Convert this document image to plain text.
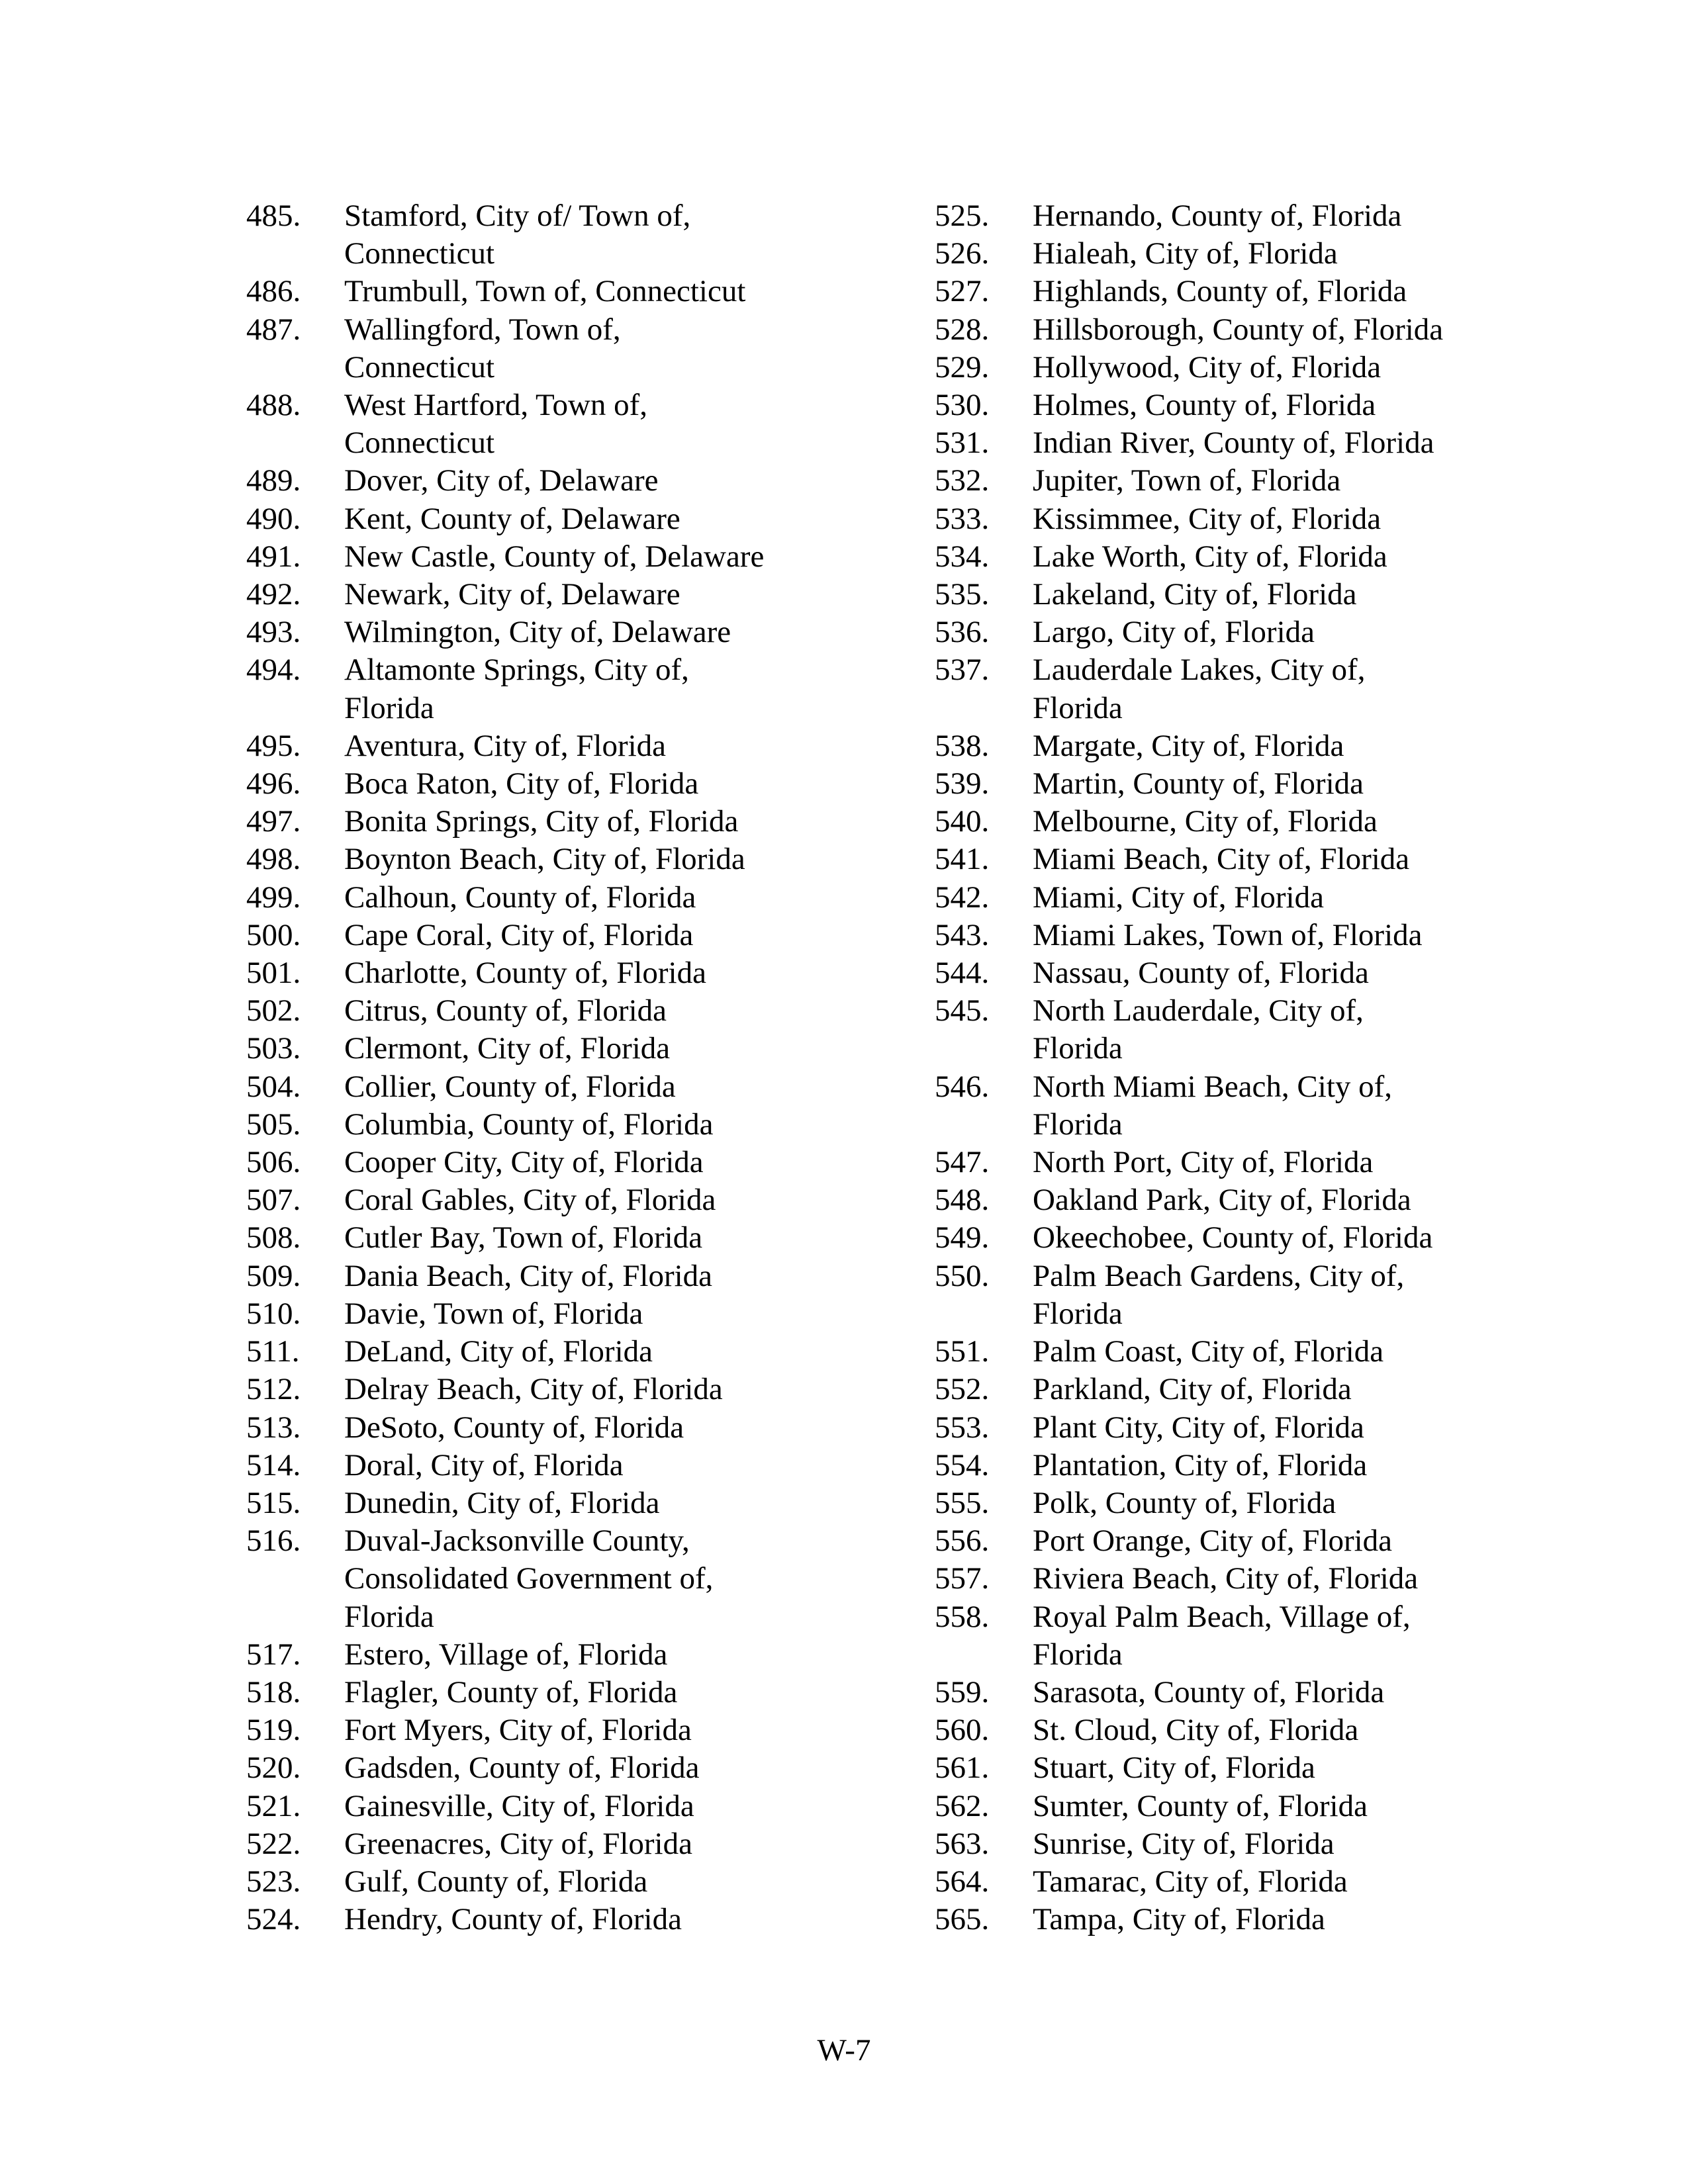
485.	Stamford, City of/ Town of,
Connecticut
486.	Trumbull, Town of, Connecticut
487.	Wallingford, Town of,
Connecticut
488.	West Hartford, Town of,
Connecticut
489.	Dover, City of, Delaware
490.	Kent, County of, Delaware
491.	New Castle, County of, Delaware
492.	Newark, City of, Delaware
493.	Wilmington, City of, Delaware
494.	Altamonte Springs, City of,
Florida
495.	Aventura, City of, Florida
496.	Boca Raton, City of, Florida
497.	Bonita Springs, City of, Florida
498.	Boynton Beach, City of, Florida
499.	Calhoun, County of, Florida
500.	Cape Coral, City of, Florida
501.	Charlotte, County of, Florida
502.	Citrus, County of, Florida
503.	Clermont, City of, Florida
504.	Collier, County of, Florida
505.	Columbia, County of, Florida
506.	Cooper City, City of, Florida
507.	Coral Gables, City of, Florida
508.	Cutler Bay, Town of, Florida
509.	Dania Beach, City of, Florida
510.	Davie, Town of, Florida
511.	DeLand, City of, Florida
512.	Delray Beach, City of, Florida
513.	DeSoto, County of, Florida
514.	Doral, City of, Florida
515.	Dunedin, City of, Florida
516.	Duval-Jacksonville County,
Consolidated Government of,
Florida
517.	Estero, Village of, Florida
518.	Flagler, County of, Florida
519.	Fort Myers, City of, Florida
520.	Gadsden, County of, Florida
521.	Gainesville, City of, Florida
522.	Greenacres, City of, Florida
523.	Gulf, County of, Florida
524.	Hendry, County of, Florida
525.	Hernando, County of, Florida
526.	Hialeah, City of, Florida
527.	Highlands, County of, Florida
528.	Hillsborough, County of, Florida
529.	Hollywood, City of, Florida
530.	Holmes, County of, Florida
531.	Indian River, County of, Florida
532.	Jupiter, Town of, Florida
533.	Kissimmee, City of, Florida
534.	Lake Worth, City of, Florida
535.	Lakeland, City of, Florida
536.	Largo, City of, Florida
537.	Lauderdale Lakes, City of,
Florida
538.	Margate, City of, Florida
539.	Martin, County of, Florida
540.	Melbourne, City of, Florida
541.	Miami Beach, City of, Florida
542.	Miami, City of, Florida
543.	Miami Lakes, Town of, Florida
544.	Nassau, County of, Florida
545.	North Lauderdale, City of,
Florida
546.	North Miami Beach, City of,
Florida
547.	North Port, City of, Florida
548.	Oakland Park, City of, Florida
549.	Okeechobee, County of, Florida
550.	Palm Beach Gardens, City of,
Florida
551.	Palm Coast, City of, Florida
552.	Parkland, City of, Florida
553.	Plant City, City of, Florida
554.	Plantation, City of, Florida
555.	Polk, County of, Florida
556.	Port Orange, City of, Florida
557.	Riviera Beach, City of, Florida
558.	Royal Palm Beach, Village of,
Florida
559.	Sarasota, County of, Florida
560.	St. Cloud, City of, Florida
561.	Stuart, City of, Florida
562.	Sumter, County of, Florida
563.	Sunrise, City of, Florida
564.	Tamarac, City of, Florida
565.	Tampa, City of, Florida
W-7
